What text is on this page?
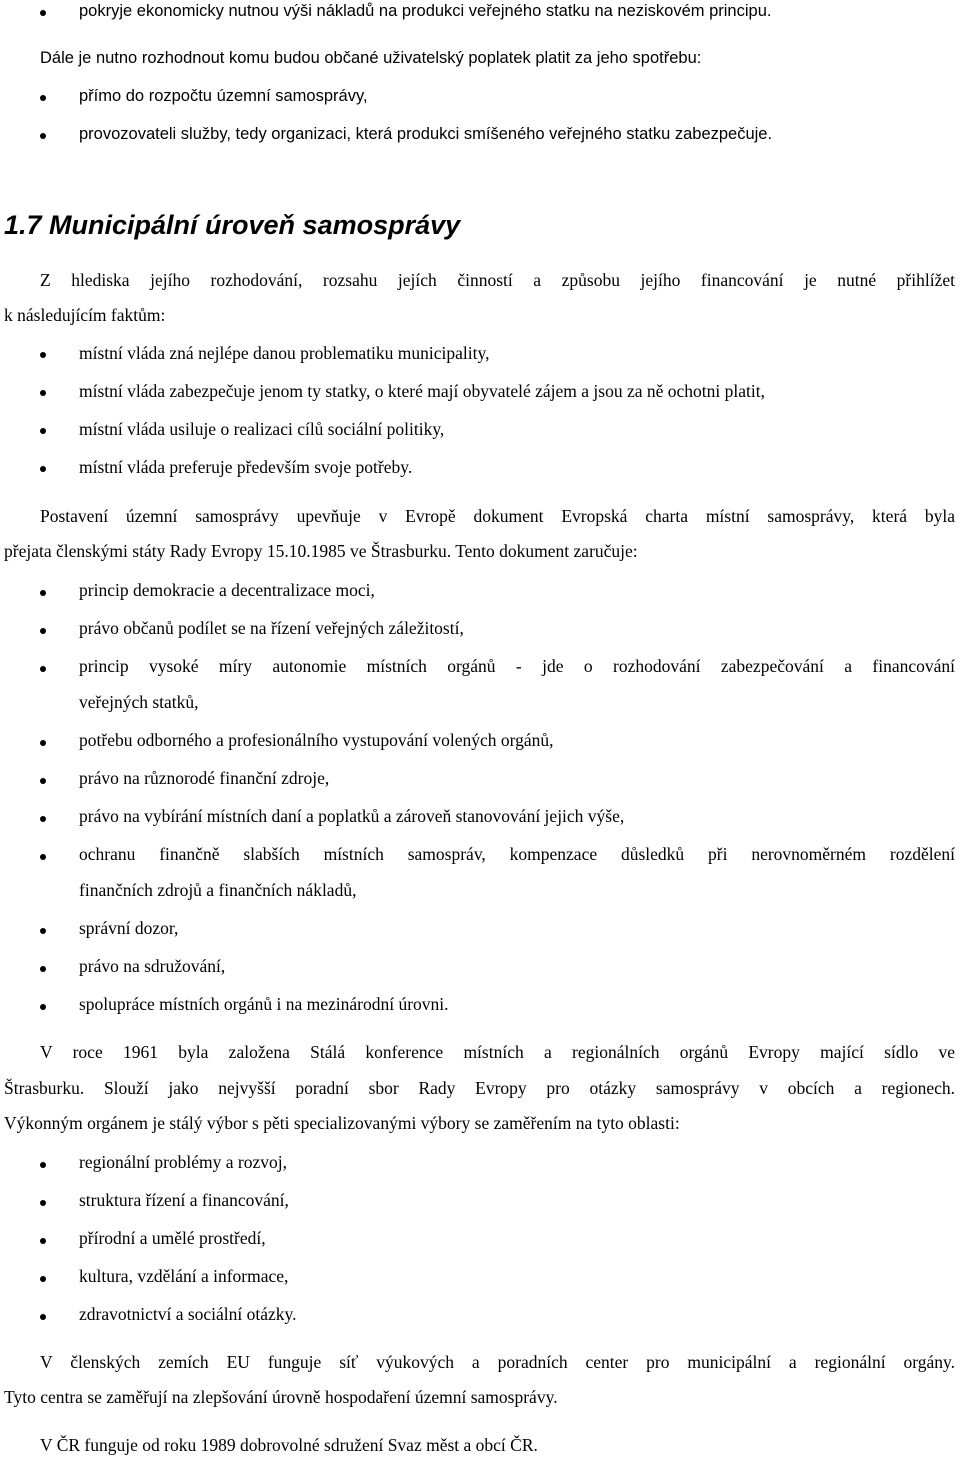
pokryje ekonomicky nutnou výši nákladů na produkci veřejného statku na neziskovém principu.
Dále je nutno rozhodnout komu budou občané uživatelský poplatek platit za jeho spotřebu:
přímo do rozpočtu územní samosprávy,
provozovateli služby, tedy organizaci, která produkci smíšeného veřejného statku zabezpečuje.
1.7 Municipální úroveň samosprávy
Z hlediska jejího rozhodování, rozsahu jejích činností a způsobu jejího financování je nutné přihlížet
k následujícím faktům:
místní vláda zná nejlépe danou problematiku municipality,
místní vláda zabezpečuje jenom ty statky, o které mají obyvatelé zájem a jsou za ně ochotni platit,
místní vláda usiluje o realizaci cílů sociální politiky,
místní vláda preferuje především svoje potřeby.
Postavení územní samosprávy upevňuje v Evropě dokument Evropská charta místní samosprávy, která byla
přejata členskými státy Rady Evropy 15.10.1985 ve Štrasburku. Tento dokument zaručuje:
princip demokracie a decentralizace moci,
právo občanů podílet se na řízení veřejných záležitostí,
princip vysoké míry autonomie místních orgánů - jde o rozhodování zabezpečování a financování
veřejných statků,
potřebu odborného a profesionálního vystupování volených orgánů,
právo na různorodé finanční zdroje,
právo na vybírání místních daní a poplatků a zároveň stanovování jejich výše,
ochranu finančně slabších místních samospráv, kompenzace důsledků při nerovnoměrném rozdělení
finančních zdrojů a finančních nákladů,
správní dozor,
právo na sdružování,
spolupráce místních orgánů i na mezinárodní úrovni.
V roce 1961 byla založena Stálá konference místních a regionálních orgánů Evropy mající sídlo ve
Štrasburku. Slouží jako nejvyšší poradní sbor Rady Evropy pro otázky samosprávy v obcích a regionech.
Výkonným orgánem je stálý výbor s pěti specializovanými výbory se zaměřením na tyto oblasti:
regionální problémy a rozvoj,
struktura řízení a financování,
přírodní a umělé prostředí,
kultura, vzdělání a informace,
zdravotnictví a sociální otázky.
V členských zemích EU funguje síť výukových a poradních center pro municipální a regionální orgány.
Tyto centra se zaměřují na zlepšování úrovně hospodaření územní samosprávy.
V ČR funguje od roku 1989 dobrovolné sdružení Svaz měst a obcí ČR.
